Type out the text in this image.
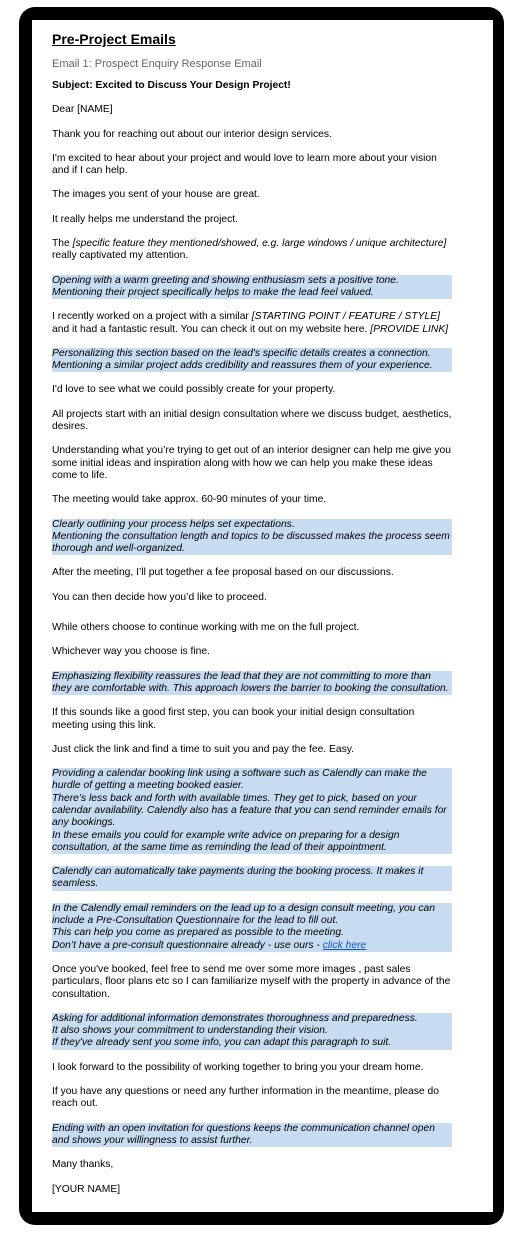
Pre-Project Emails
Email 1: Prospect Enquiry Response Email
Subject: Excited to Discuss Your Design Project!
Dear [NAME]
Thank you for reaching out about our interior design services.
I'm excited to hear about your project and would love to learn more about your vision and if I can help.
The images you sent of your house are great.
It really helps me understand the project.
The [specific feature they mentioned/showed, e.g. large windows / unique architecture] really captivated my attention.
Opening with a warm greeting and showing enthusiasm sets a positive tone. Mentioning their project specifically helps to make the lead feel valued.
I recently worked on a project with a similar [STARTING POINT / FEATURE / STYLE] and it had a fantastic result. You can check it out on my website here. [PROVIDE LINK]
Personalizing this section based on the lead's specific details creates a connection. Mentioning a similar project adds credibility and reassures them of your experience.
I'd love to see what we could possibly create for your property.
All projects start with an initial design consultation where we discuss budget, aesthetics, desires.
Understanding what you’re trying to get out of an interior designer can help me give you some initial ideas and inspiration along with how we can help you make these ideas come to life.
The meeting would take approx. 60-90 minutes of your time.
Clearly outlining your process helps set expectations.
Mentioning the consultation length and topics to be discussed makes the process seem thorough and well-organized.
After the meeting, I’ll put together a fee proposal based on our discussions.
You can then decide how you’d like to proceed.
While others choose to continue working with me on the full project.
Whichever way you choose is fine.
Emphasizing flexibility reassures the lead that they are not committing to more than they are comfortable with. This approach lowers the barrier to booking the consultation.
If this sounds like a good first step, you can book your initial design consultation meeting using this link.
Just click the link and find a time to suit you and pay the fee. Easy.
Providing a calendar booking link using a software such as Calendly can make the hurdle of getting a meeting booked easier.
There’s less back and forth with available times. They get to pick, based on your calendar availability. Calendly also has a feature that you can send reminder emails for any bookings.
In these emails you could for example write advice on preparing for a design consultation, at the same time as reminding the lead of their appointment.
Calendly can automatically take payments during the booking process. It makes it seamless.
In the Calendly email reminders on the lead up to a design consult meeting, you can include a Pre-Consultation Questionnaire for the lead to fill out.
This can help you come as prepared as possible to the meeting.
Don’t have a pre-consult questionnaire already - use ours - click here
Once you've booked, feel free to send me over some more images , past sales particulars, floor plans etc so I can familiarize myself with the property in advance of the consultation.
Asking for additional information demonstrates thoroughness and preparedness.
It also shows your commitment to understanding their vision.
If they've already sent you some info, you can adapt this paragraph to suit.
I look forward to the possibility of working together to bring you your dream home.
If you have any questions or need any further information in the meantime, please do reach out.
Ending with an open invitation for questions keeps the communication channel open and shows your willingness to assist further.
Many thanks,
[YOUR NAME]
